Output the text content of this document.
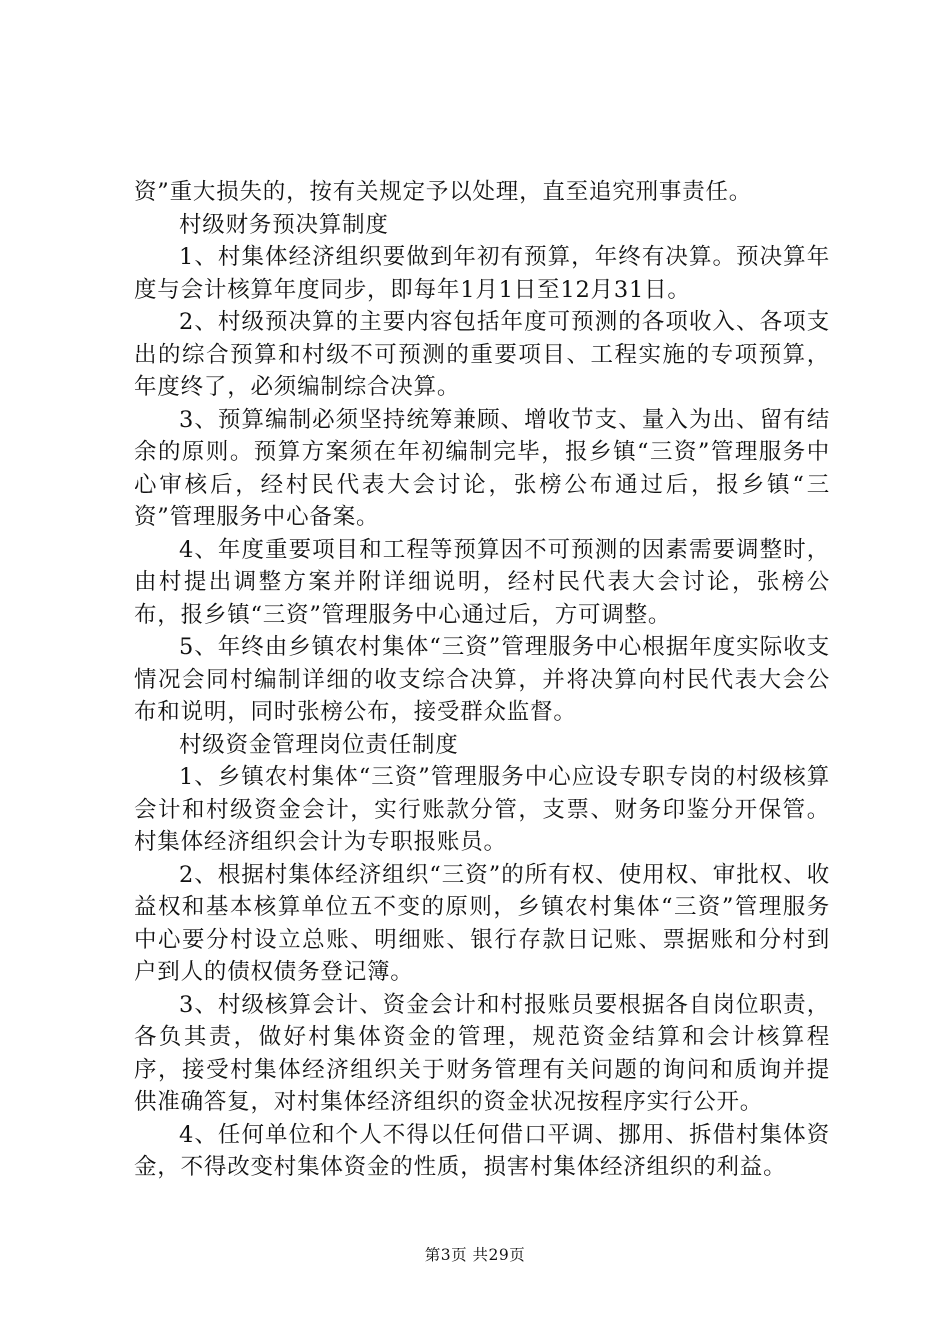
资”重大损失的，按有关规定予以处理，直至追究刑事责任。

村级财务预决算制度

1、村集体经济组织要做到年初有预算，年终有决算。预决算年度与会计核算年度同步，即每年1月1日至12月31日。

2、村级预决算的主要内容包括年度可预测的各项收入、各项支出的综合预算和村级不可预测的重要项目、工程实施的专项预算，年度终了，必须编制综合决算。

3、预算编制必须坚持统筹兼顾、增收节支、量入为出、留有结余的原则。预算方案须在年初编制完毕，报乡镇“三资”管理服务中心审核后，经村民代表大会讨论，张榜公布通过后，报乡镇“三资”管理服务中心备案。

4、年度重要项目和工程等预算因不可预测的因素需要调整时，由村提出调整方案并附详细说明，经村民代表大会讨论，张榜公布，报乡镇“三资”管理服务中心通过后，方可调整。

5、年终由乡镇农村集体“三资”管理服务中心根据年度实际收支情况会同村编制详细的收支综合决算，并将决算向村民代表大会公布和说明，同时张榜公布，接受群众监督。

村级资金管理岗位责任制度

1、乡镇农村集体“三资”管理服务中心应设专职专岗的村级核算会计和村级资金会计，实行账款分管，支票、财务印鉴分开保管。村集体经济组织会计为专职报账员。

2、根据村集体经济组织“三资”的所有权、使用权、审批权、收益权和基本核算单位五不变的原则，乡镇农村集体“三资”管理服务中心要分村设立总账、明细账、银行存款日记账、票据账和分村到户到人的债权债务登记簿。

3、村级核算会计、资金会计和村报账员要根据各自岗位职责，各负其责，做好村集体资金的管理，规范资金结算和会计核算程序，接受村集体经济组织关于财务管理有关问题的询问和质询并提供准确答复，对村集体经济组织的资金状况按程序实行公开。

4、任何单位和个人不得以任何借口平调、挪用、拆借村集体资金，不得改变村集体资金的性质，损害村集体经济组织的利益。

第3页 共29页
